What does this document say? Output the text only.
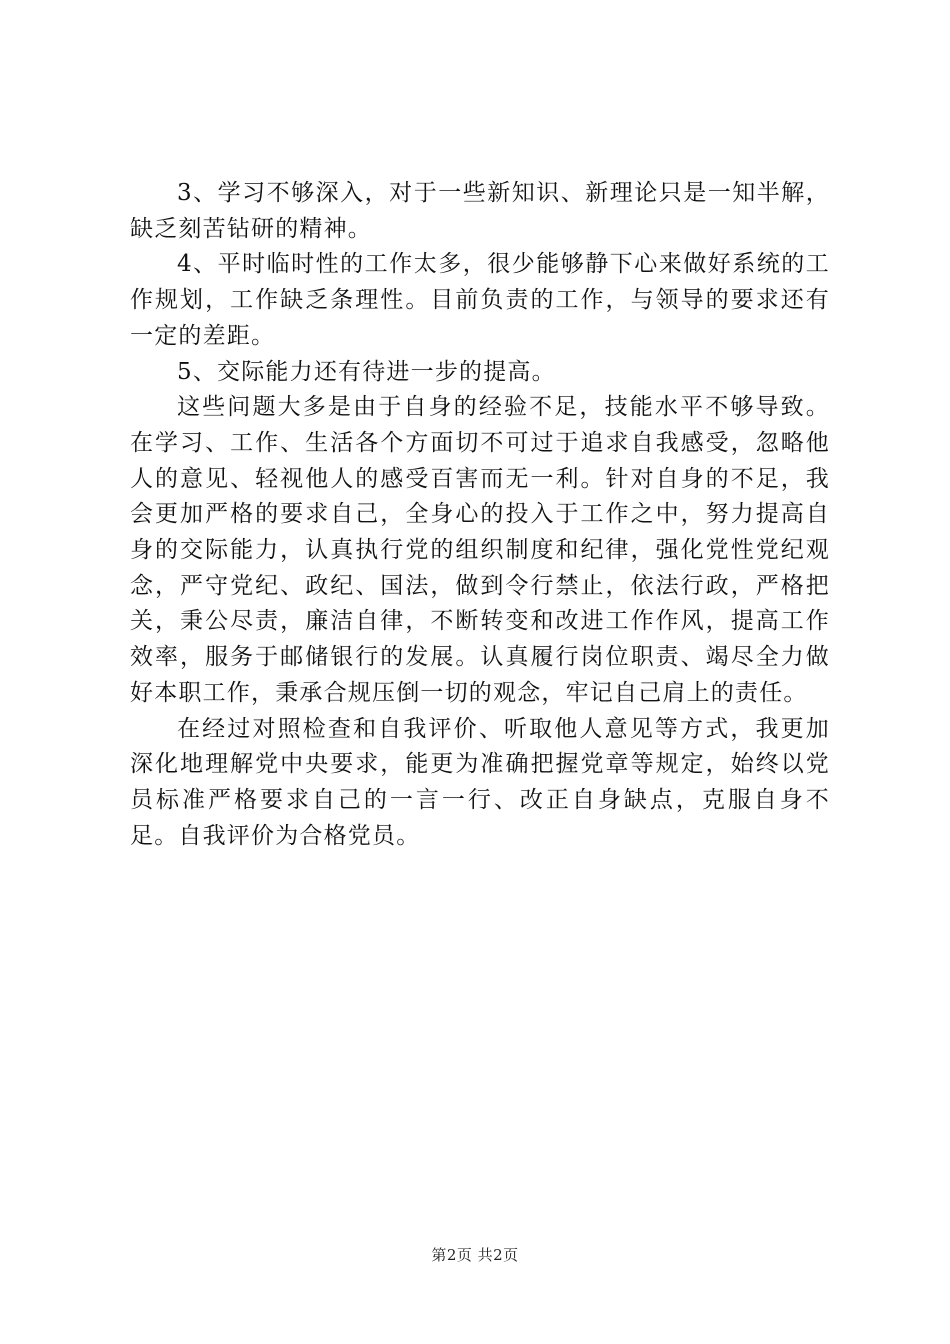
3、学习不够深入，对于一些新知识、新理论只是一知半解，缺乏刻苦钻研的精神。

4、平时临时性的工作太多，很少能够静下心来做好系统的工作规划，工作缺乏条理性。目前负责的工作，与领导的要求还有一定的差距。

5、交际能力还有待进一步的提高。

这些问题大多是由于自身的经验不足，技能水平不够导致。在学习、工作、生活各个方面切不可过于追求自我感受，忽略他人的意见、轻视他人的感受百害而无一利。针对自身的不足，我会更加严格的要求自己，全身心的投入于工作之中，努力提高自身的交际能力，认真执行党的组织制度和纪律，强化党性党纪观念，严守党纪、政纪、国法，做到令行禁止，依法行政，严格把关，秉公尽责，廉洁自律，不断转变和改进工作作风，提高工作效率，服务于邮储银行的发展。认真履行岗位职责、竭尽全力做好本职工作，秉承合规压倒一切的观念，牢记自己肩上的责任。

在经过对照检查和自我评价、听取他人意见等方式，我更加深化地理解党中央要求，能更为准确把握党章等规定，始终以党员标准严格要求自己的一言一行、改正自身缺点，克服自身不足。自我评价为合格党员。

第2页 共2页
